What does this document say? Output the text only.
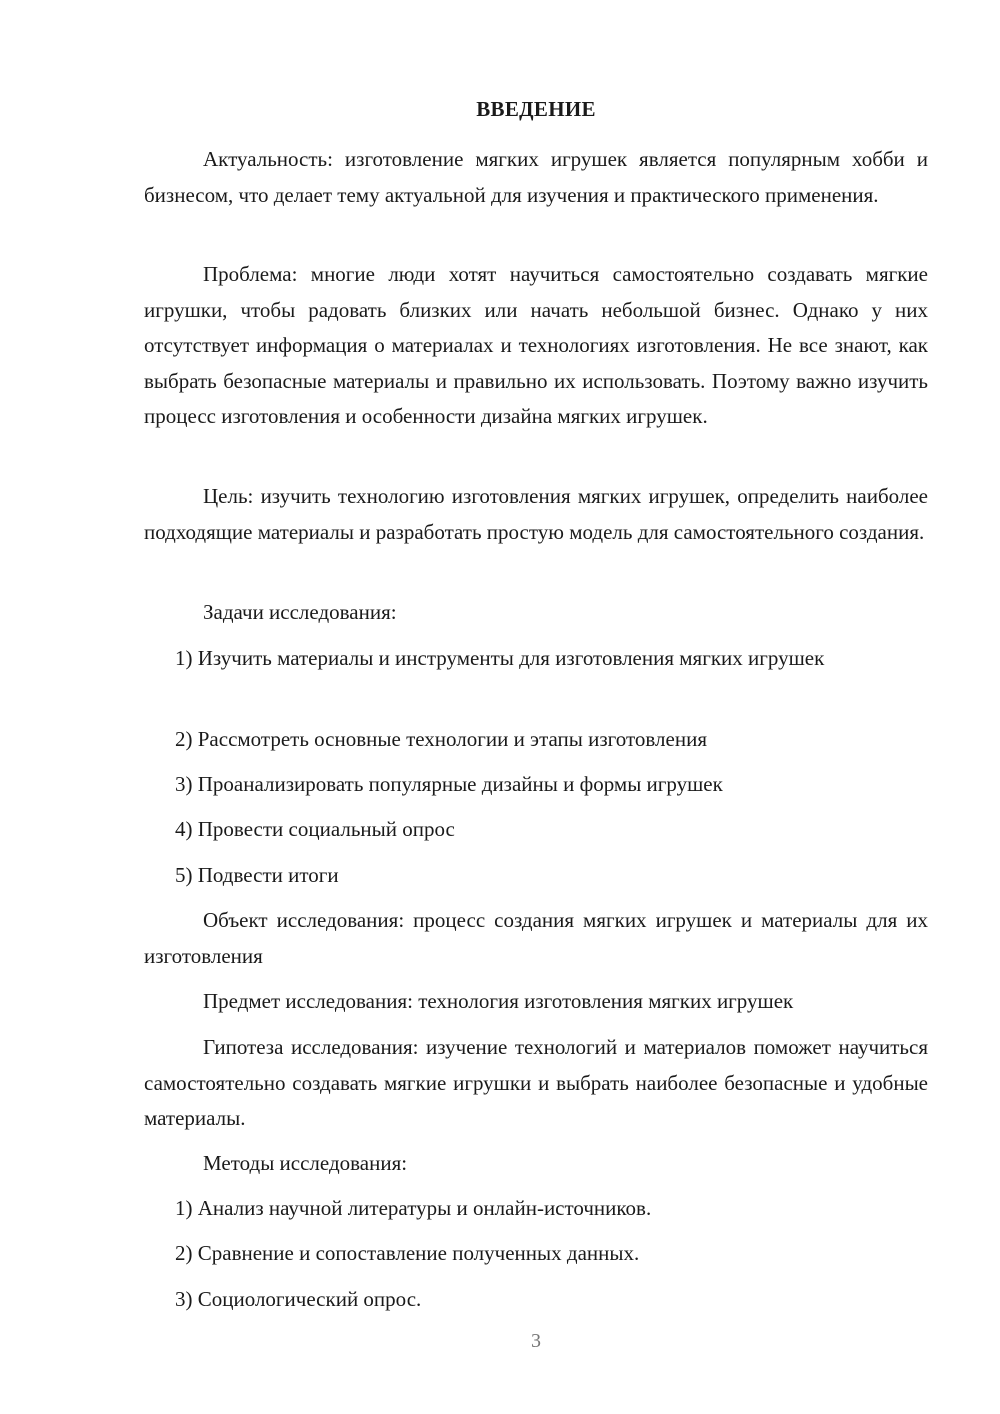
ВВЕДЕНИЕ

Актуальность: изготовление мягких игрушек является популярным хобби и бизнесом, что делает тему актуальной для изучения и практического применения.

Проблема: многие люди хотят научиться самостоятельно создавать мягкие игрушки, чтобы радовать близких или начать небольшой бизнес. Однако у них отсутствует информация о материалах и технологиях изготовления. Не все знают, как выбрать безопасные материалы и правильно их использовать. Поэтому важно изучить процесс изготовления и особенности дизайна мягких игрушек.

Цель: изучить технологию изготовления мягких игрушек, определить наиболее подходящие материалы и разработать простую модель для самостоятельного создания.

Задачи исследования:

1) Изучить материалы и инструменты для изготовления мягких игрушек

2) Рассмотреть основные технологии и этапы изготовления

3) Проанализировать популярные дизайны и формы игрушек

4) Провести социальный опрос

5) Подвести итоги

Объект исследования: процесс создания мягких игрушек и материалы для их изготовления

Предмет исследования: технология изготовления мягких игрушек

Гипотеза исследования: изучение технологий и материалов поможет научиться самостоятельно создавать мягкие игрушки и выбрать наиболее безопасные и удобные материалы.

Методы исследования:

1) Анализ научной литературы и онлайн-источников.

2) Сравнение и сопоставление полученных данных.

3) Социологический опрос.

3
